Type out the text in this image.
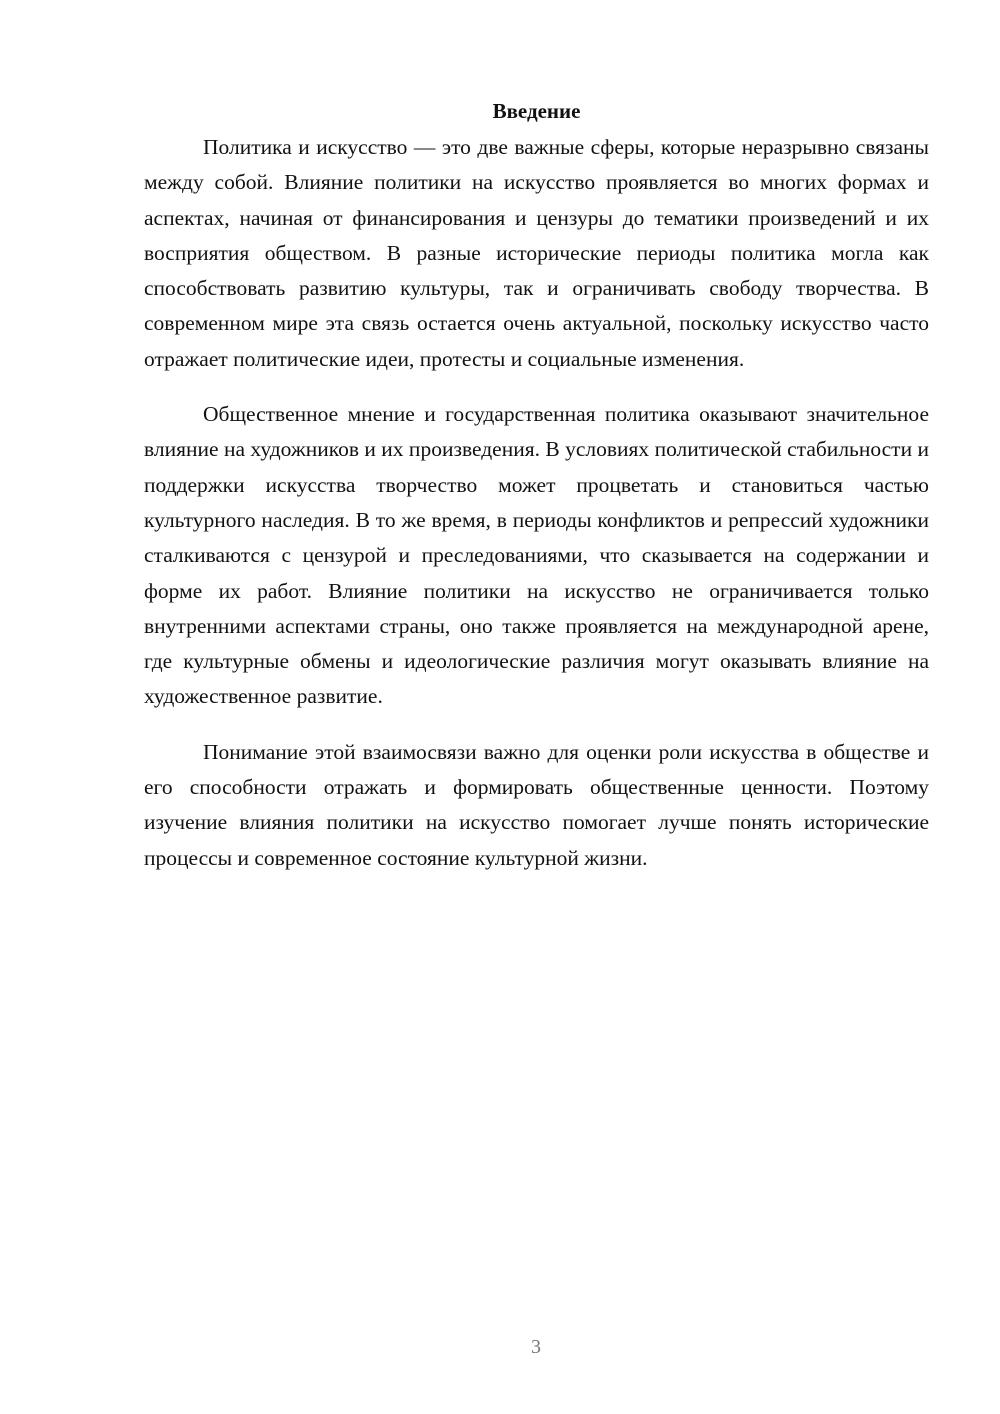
Введение

Политика и искусство — это две важные сферы, которые неразрывно связаны между собой. Влияние политики на искусство проявляется во многих формах и аспектах, начиная от финансирования и цензуры до тематики произведений и их восприятия обществом. В разные исторические периоды политика могла как способствовать развитию культуры, так и ограничивать свободу творчества. В современном мире эта связь остается очень актуальной, поскольку искусство часто отражает политические идеи, протесты и социальные изменения.

Общественное мнение и государственная политика оказывают значительное влияние на художников и их произведения. В условиях политической стабильности и поддержки искусства творчество может процветать и становиться частью культурного наследия. В то же время, в периоды конфликтов и репрессий художники сталкиваются с цензурой и преследованиями, что сказывается на содержании и форме их работ. Влияние политики на искусство не ограничивается только внутренними аспектами страны, оно также проявляется на международной арене, где культурные обмены и идеологические различия могут оказывать влияние на художественное развитие.

Понимание этой взаимосвязи важно для оценки роли искусства в обществе и его способности отражать и формировать общественные ценности. Поэтому изучение влияния политики на искусство помогает лучше понять исторические процессы и современное состояние культурной жизни.

3
